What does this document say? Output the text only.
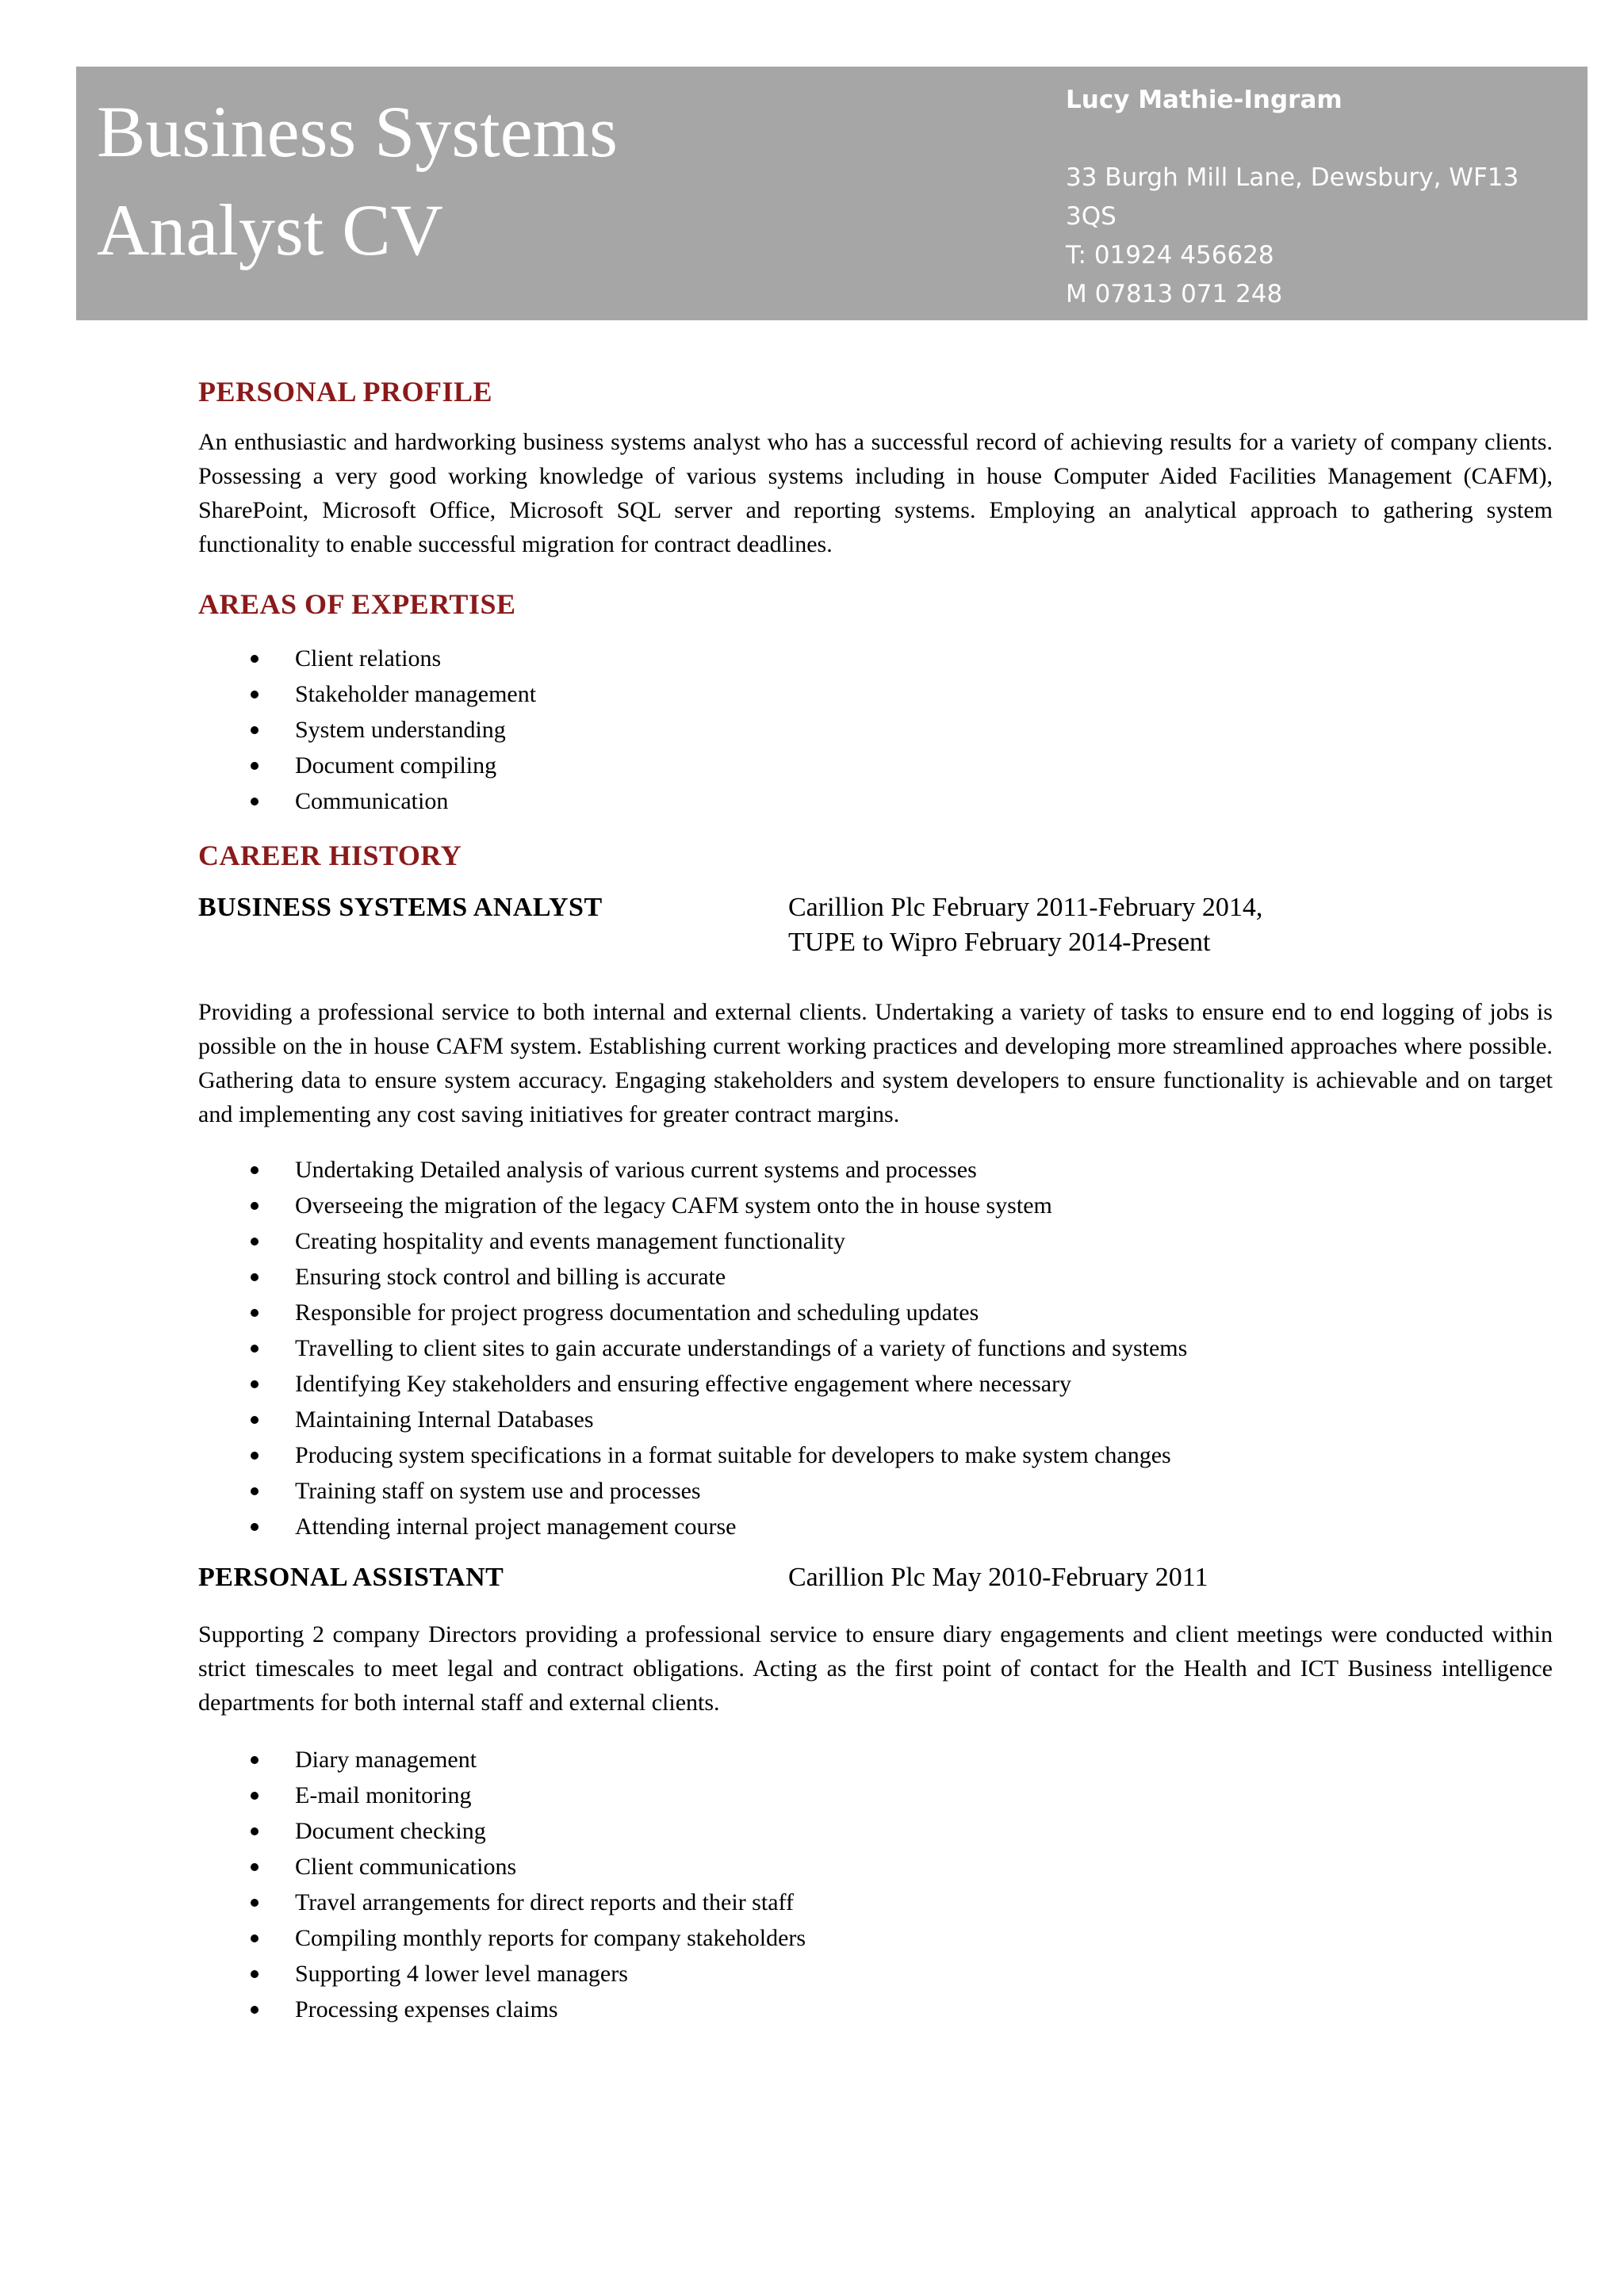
Business Systems
Analyst CV
Lucy Mathie-Ingram
33 Burgh Mill Lane, Dewsbury, WF13 3QS
T: 01924 456628
M 07813 071 248
E: LUCYMATHIE@HOTMAIL.COM
PERSONAL PROFILE

An enthusiastic and hardworking business systems analyst who has a successful record of achieving results for a variety of company clients. Possessing a very good working knowledge of various systems including in house Computer Aided Facilities Management (CAFM), SharePoint, Microsoft Office, Microsoft SQL server and reporting systems. Employing an analytical approach to gathering system functionality to enable successful migration for contract deadlines.

AREAS OF EXPERTISE
Client relations
Stakeholder management
System understanding
Document compiling
Communication
CAREER HISTORY
BUSINESS SYSTEMS ANALYST	Carillion Plc February 2011-February 2014,
TUPE to Wipro February 2014-Present

Providing a professional service to both internal and external clients. Undertaking a variety of tasks to ensure end to end logging of jobs is possible on the in house CAFM system. Establishing current working practices and developing more streamlined approaches where possible. Gathering data to ensure system accuracy. Engaging stakeholders and system developers to ensure functionality is achievable and on target and implementing any cost saving initiatives for greater contract margins.

Undertaking Detailed analysis of various current systems and processes
Overseeing the migration of the legacy CAFM system onto the in house system
Creating hospitality and events management functionality
Ensuring stock control and billing is accurate
Responsible for project progress documentation and scheduling updates
Travelling to client sites to gain accurate understandings of a variety of functions and systems
Identifying Key stakeholders and ensuring effective engagement where necessary
Maintaining Internal Databases
Producing system specifications in a format suitable for developers to make system changes
Training staff on system use and processes
Attending internal project management course
PERSONAL ASSISTANT	Carillion Plc May 2010-February 2011

Supporting 2 company Directors providing a professional service to ensure diary engagements and client meetings were conducted within strict timescales to meet legal and contract obligations. Acting as the first point of contact for the Health and ICT Business intelligence departments for both internal staff and external clients.

Diary management
E-mail monitoring
Document checking
Client communications
Travel arrangements for direct reports and their staff
Compiling monthly reports for company stakeholders
Supporting 4 lower level managers
Processing expenses claims
